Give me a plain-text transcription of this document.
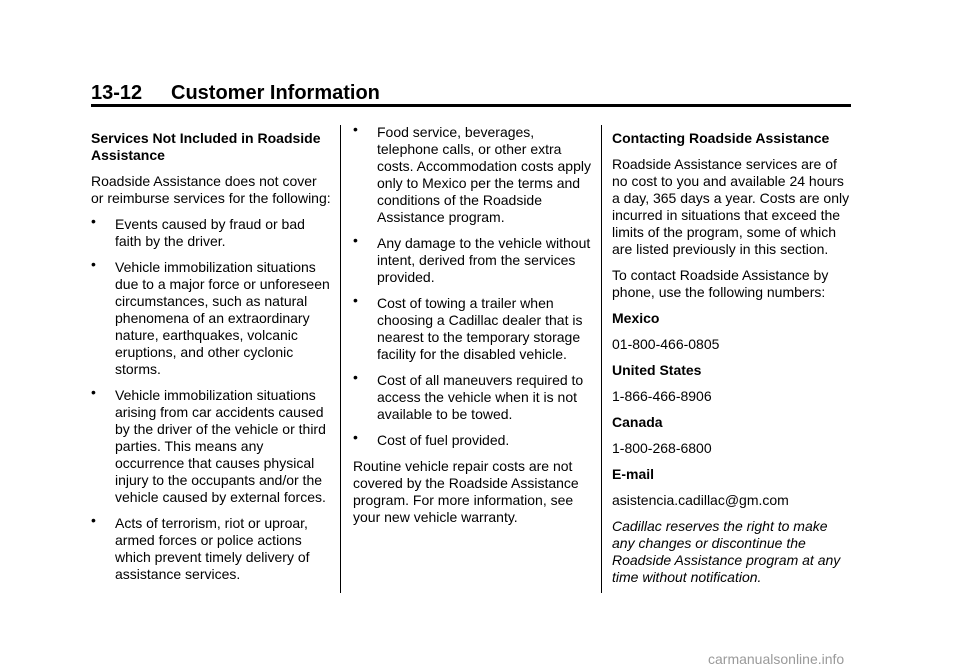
13-12 Customer Information

Services Not Included in Roadside Assistance

Roadside Assistance does not cover or reimburse services for the following:

• Events caused by fraud or bad faith by the driver.
• Vehicle immobilization situations due to a major force or unforeseen circumstances, such as natural phenomena of an extraordinary nature, earthquakes, volcanic eruptions, and other cyclonic storms.
• Vehicle immobilization situations arising from car accidents caused by the driver of the vehicle or third parties. This means any occurrence that causes physical injury to the occupants and/or the vehicle caused by external forces.
• Acts of terrorism, riot or uproar, armed forces or police actions which prevent timely delivery of assistance services.
• Food service, beverages, telephone calls, or other extra costs. Accommodation costs apply only to Mexico per the terms and conditions of the Roadside Assistance program.
• Any damage to the vehicle without intent, derived from the services provided.
• Cost of towing a trailer when choosing a Cadillac dealer that is nearest to the temporary storage facility for the disabled vehicle.
• Cost of all maneuvers required to access the vehicle when it is not available to be towed.
• Cost of fuel provided.

Routine vehicle repair costs are not covered by the Roadside Assistance program. For more information, see your new vehicle warranty.

Contacting Roadside Assistance

Roadside Assistance services are of no cost to you and available 24 hours a day, 365 days a year. Costs are only incurred in situations that exceed the limits of the program, some of which are listed previously in this section.

To contact Roadside Assistance by phone, use the following numbers:

Mexico

01-800-466-0805

United States

1-866-466-8906

Canada

1-800-268-6800

E-mail

asistencia.cadillac@gm.com

Cadillac reserves the right to make any changes or discontinue the Roadside Assistance program at any time without notification.

carmanualsonline.info
